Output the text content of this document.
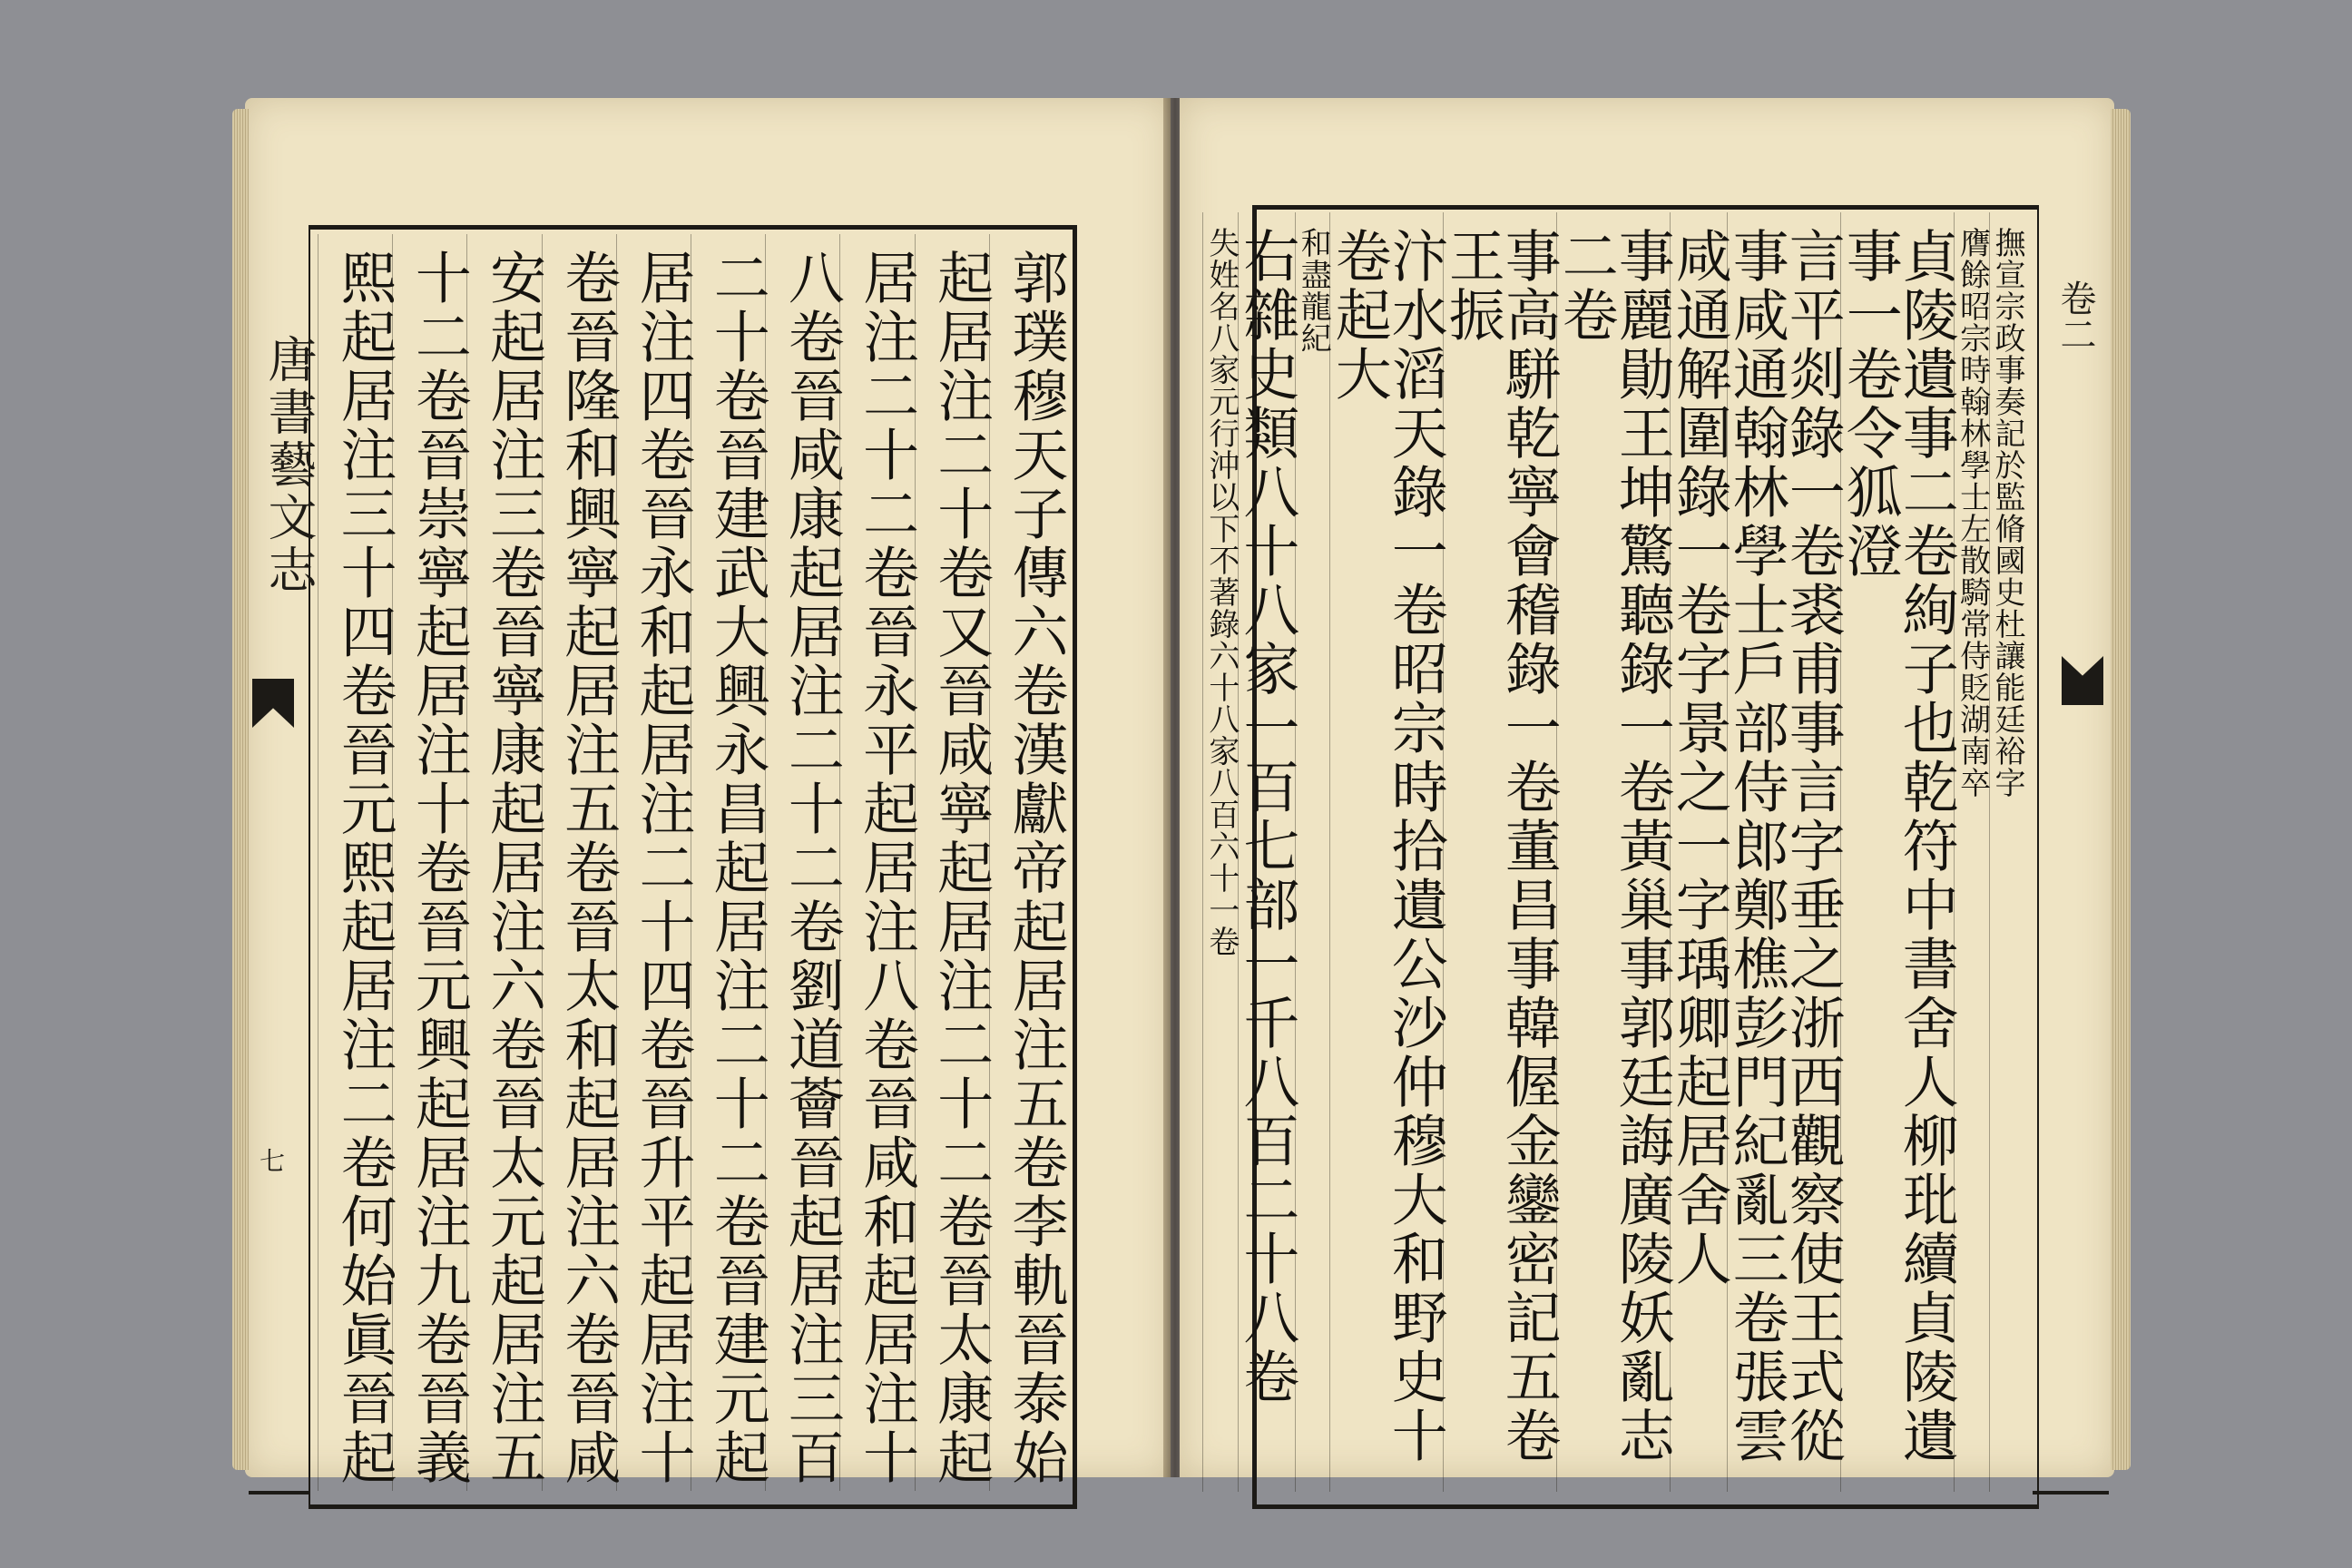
唐書藝文志
七	郭璞穆天子傳六卷漢獻帝起居注五卷李軌晉泰始
起居注二十卷又晉咸寧起居注二十二卷晉太康起
居注二十二卷晉永平起居注八卷晉咸和起居注十
八卷晉咸康起居注二十二卷劉道薈晉起居注三百
二十卷晉建武大興永昌起居注二十二卷晉建元起
居注四卷晉永和起居注二十四卷晉升平起居注十
卷晉隆和興寧起居注五卷晉太和起居注六卷晉咸
安起居注三卷晉寧康起居注六卷晉太元起居注五
十二卷晉崇寧起居注十卷晉元興起居注九卷晉義
熙起居注三十四卷晉元熙起居注二卷何始眞晉起	卷二
撫宣宗政事奏記於監脩國史杜讓能廷裕字
膺餘昭宗時翰林學士左散騎常侍貶湖南卒
貞陵遺事二卷絢子也乾符中書舍人柳玭續貞陵遺事一卷令狐澄
言平剡錄一卷裘甫事言字垂之浙西觀察使王式從事咸通翰林學士戶部侍郎鄭樵彭門紀亂三卷張雲
咸通解圍錄一卷字景之一字瑀卿起居舍人
事麗勛王坤驚聽錄一卷黃巢事郭廷誨廣陵妖亂志二卷
事高駢乾寧會稽錄一卷董昌事韓偓金鑾密記五卷王振
汴水滔天錄一卷昭宗時拾遺公沙仲穆大和野史十卷起大
和盡龍紀
右雜史類八十八家一百七部一千八百二十八卷
失姓名八家元行沖以下不著錄六十八家八百六十一卷
